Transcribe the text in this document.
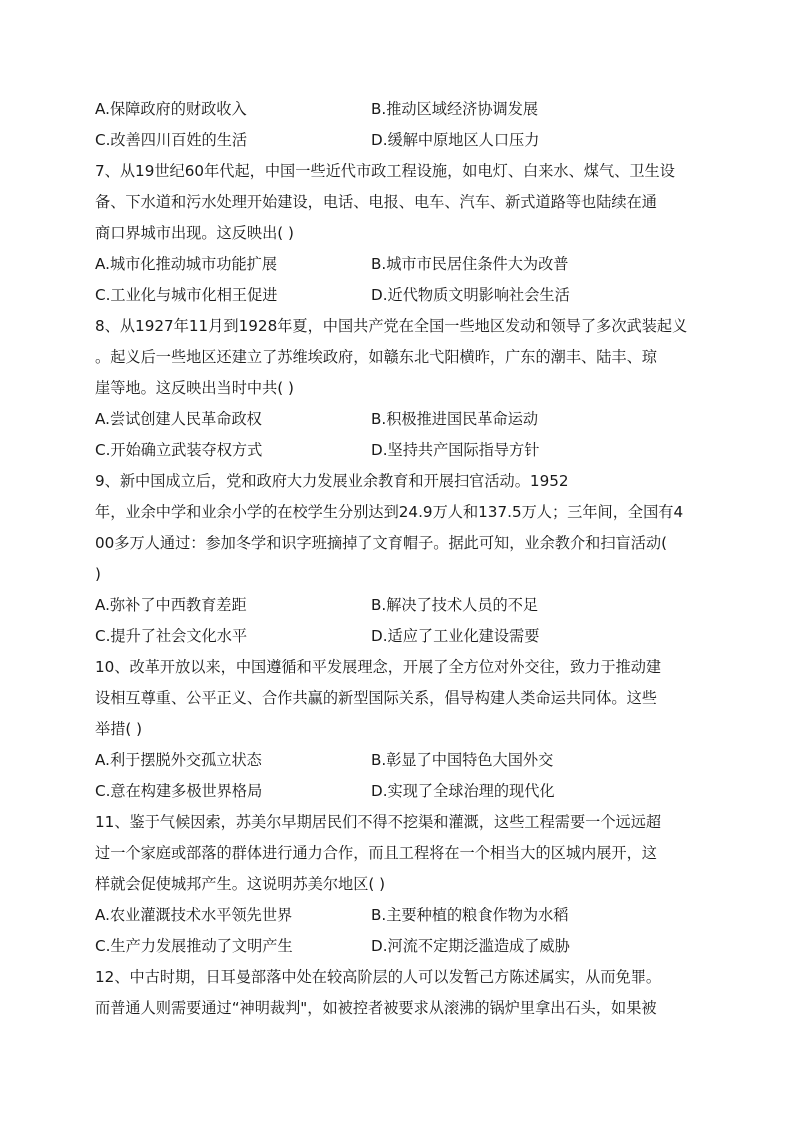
A.保障政府的财政收入	B.推动区域经济协调发展
C.改善四川百姓的生活	D.缓解中原地区人口压力
7、从19世纪60年代起，中国一些近代市政工程设施，如电灯、白来水、煤气、卫生设
备、下水道和污水处理开始建设，电话、电报、电车、汽车、新式道路等也陆续在通
商口界城市出现。这反映出( )
A.城市化推动城市功能扩展	B.城市市民居住条件大为改普
C.工业化与城市化相王促进	D.近代物质文明影响社会生活
8、从1927年11月到1928年夏，中国共产党在全国一些地区发动和领导了多次武装起义
。起义后一些地区还建立了苏维埃政府，如赣东北弋阳横昨，广东的潮丰、陆丰、琼
崖等地。这反映出当时中共( )
A.尝试创建人民革命政权	B.积极推进国民革命运动
C.开始确立武装夺权方式	D.坚持共产国际指导方针
9、新中国成立后，党和政府大力发展业余教育和开展扫官活动。1952
年，业余中学和业余小学的在校学生分别达到24.9万人和137.5万人；三年间，全国有4
00多万人通过：参加冬学和识字班摘掉了文育帽子。据此可知，业余教介和扫盲活动(
)
A.弥补了中西教育差距	B.解决了技术人员的不足
C.提升了社会文化水平	D.适应了工业化建设需要
10、改革开放以来，中国遵循和平发展理念，开展了全方位对外交往，致力于推动建
设相互尊重、公平正义、合作共赢的新型国际关系，倡导构建人类命运共同体。这些
举措( )
A.利于摆脱外交孤立状态	B.彰显了中国特色大国外交
C.意在构建多极世界格局	D.实现了全球治理的现代化
11、鉴于气候因索，苏美尔早期居民们不得不挖渠和灌溉，这些工程需要一个远远超
过一个家庭或部落的群体进行通力合作，而且工程将在一个相当大的区城内展开，这
样就会促使城邦产生。这说明苏美尔地区( )
A.农业灌溉技术水平领先世界	B.主要种植的粮食作物为水稻
C.生产力发展推动了文明产生	D.河流不定期泛滥造成了威胁
12、中古时期，日耳曼部落中处在较高阶层的人可以发暂己方陈述属实，从而免罪。
而普通人则需要通过“神明裁判"，如被控者被要求从滚沸的锅炉里拿出石头，如果被
